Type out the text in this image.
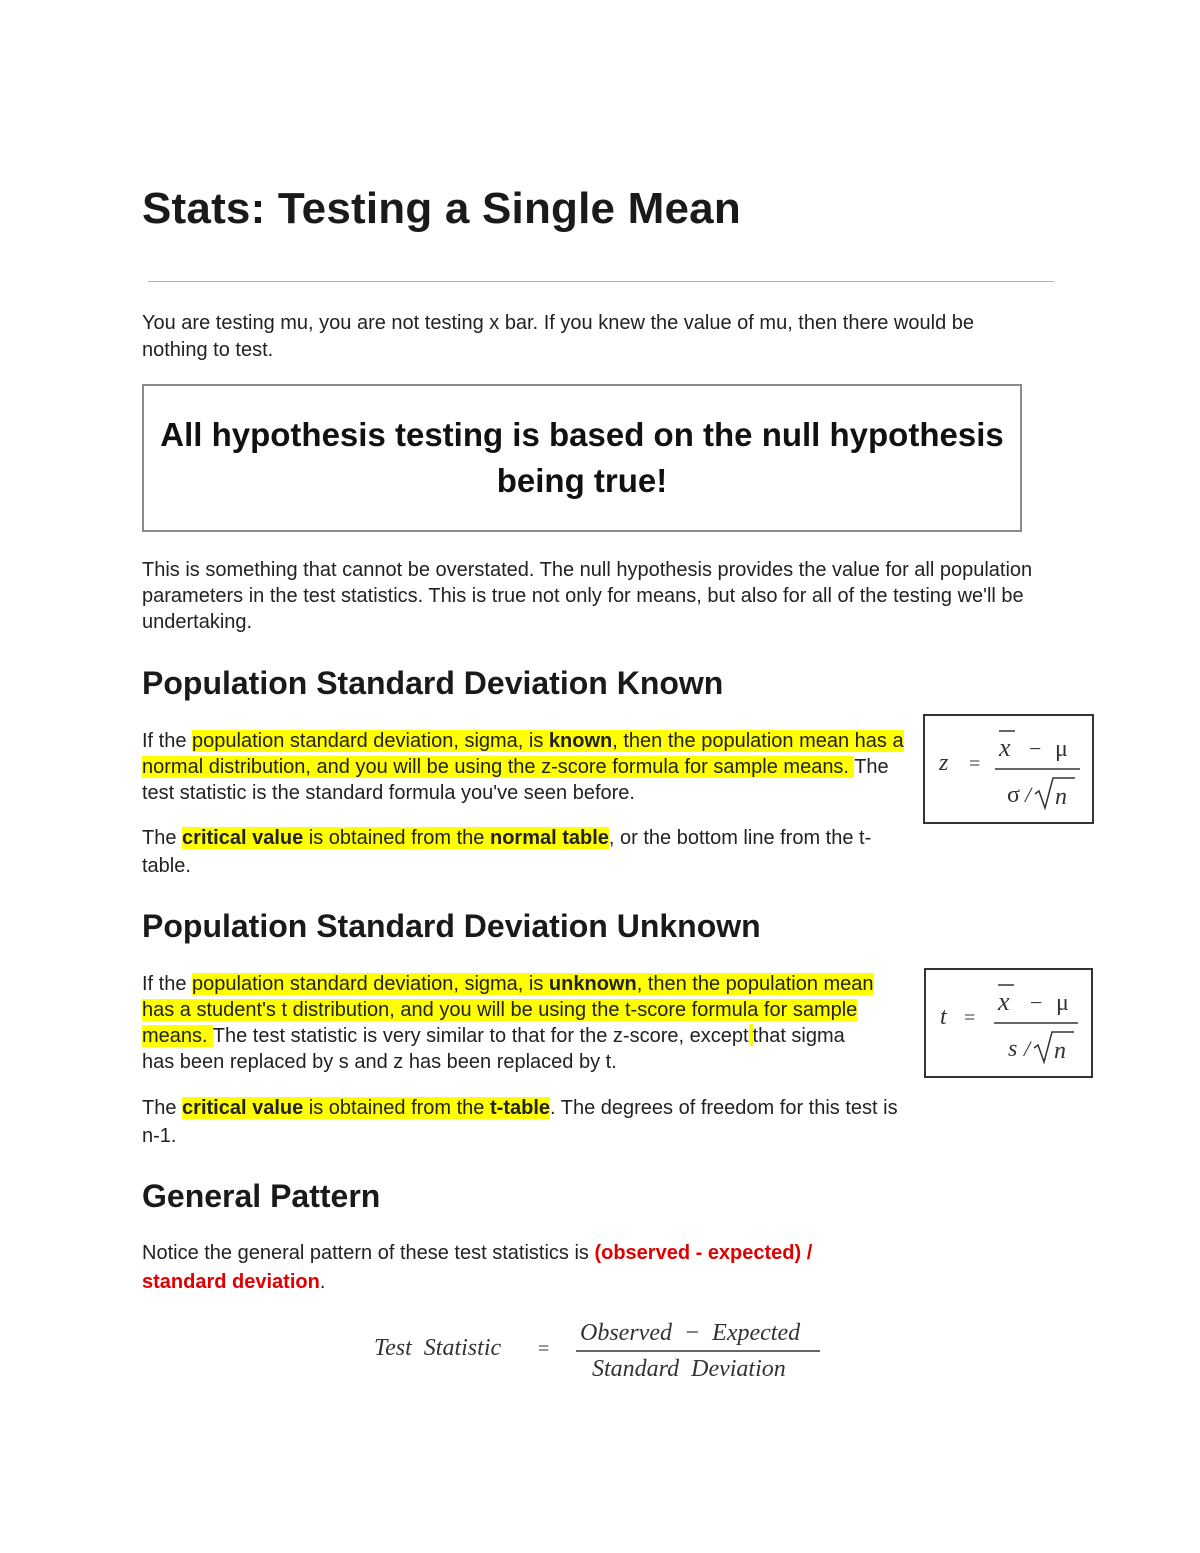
Stats: Testing a Single Mean

You are testing mu, you are not testing x bar. If you knew the value of mu, then there would be nothing to test.

All hypothesis testing is based on the null hypothesis being true!

This is something that cannot be overstated. The null hypothesis provides the value for all population parameters in the test statistics. This is true not only for means, but also for all of the testing we'll be undertaking.

Population Standard Deviation Known

If the population standard deviation, sigma, is known, then the population mean has a normal distribution, and you will be using the z-score formula for sample means. The test statistic is the standard formula you've seen before.

The critical value is obtained from the normal table, or the bottom line from the t-table.

z =
x − μ
σ / n
Population Standard Deviation Unknown

If the population standard deviation, sigma, is unknown, then the population mean has a student's t distribution, and you will be using the t-score formula for sample means. The test statistic is very similar to that for the z-score, except that sigma has been replaced by s and z has been replaced by t.

The critical value is obtained from the t-table. The degrees of freedom for this test is n-1.

t =
x − μ
s / n
General Pattern

Notice the general pattern of these test statistics is (observed - expected) / standard deviation.

Test  Statistic =
Observed  −  Expected
Standard  Deviation
